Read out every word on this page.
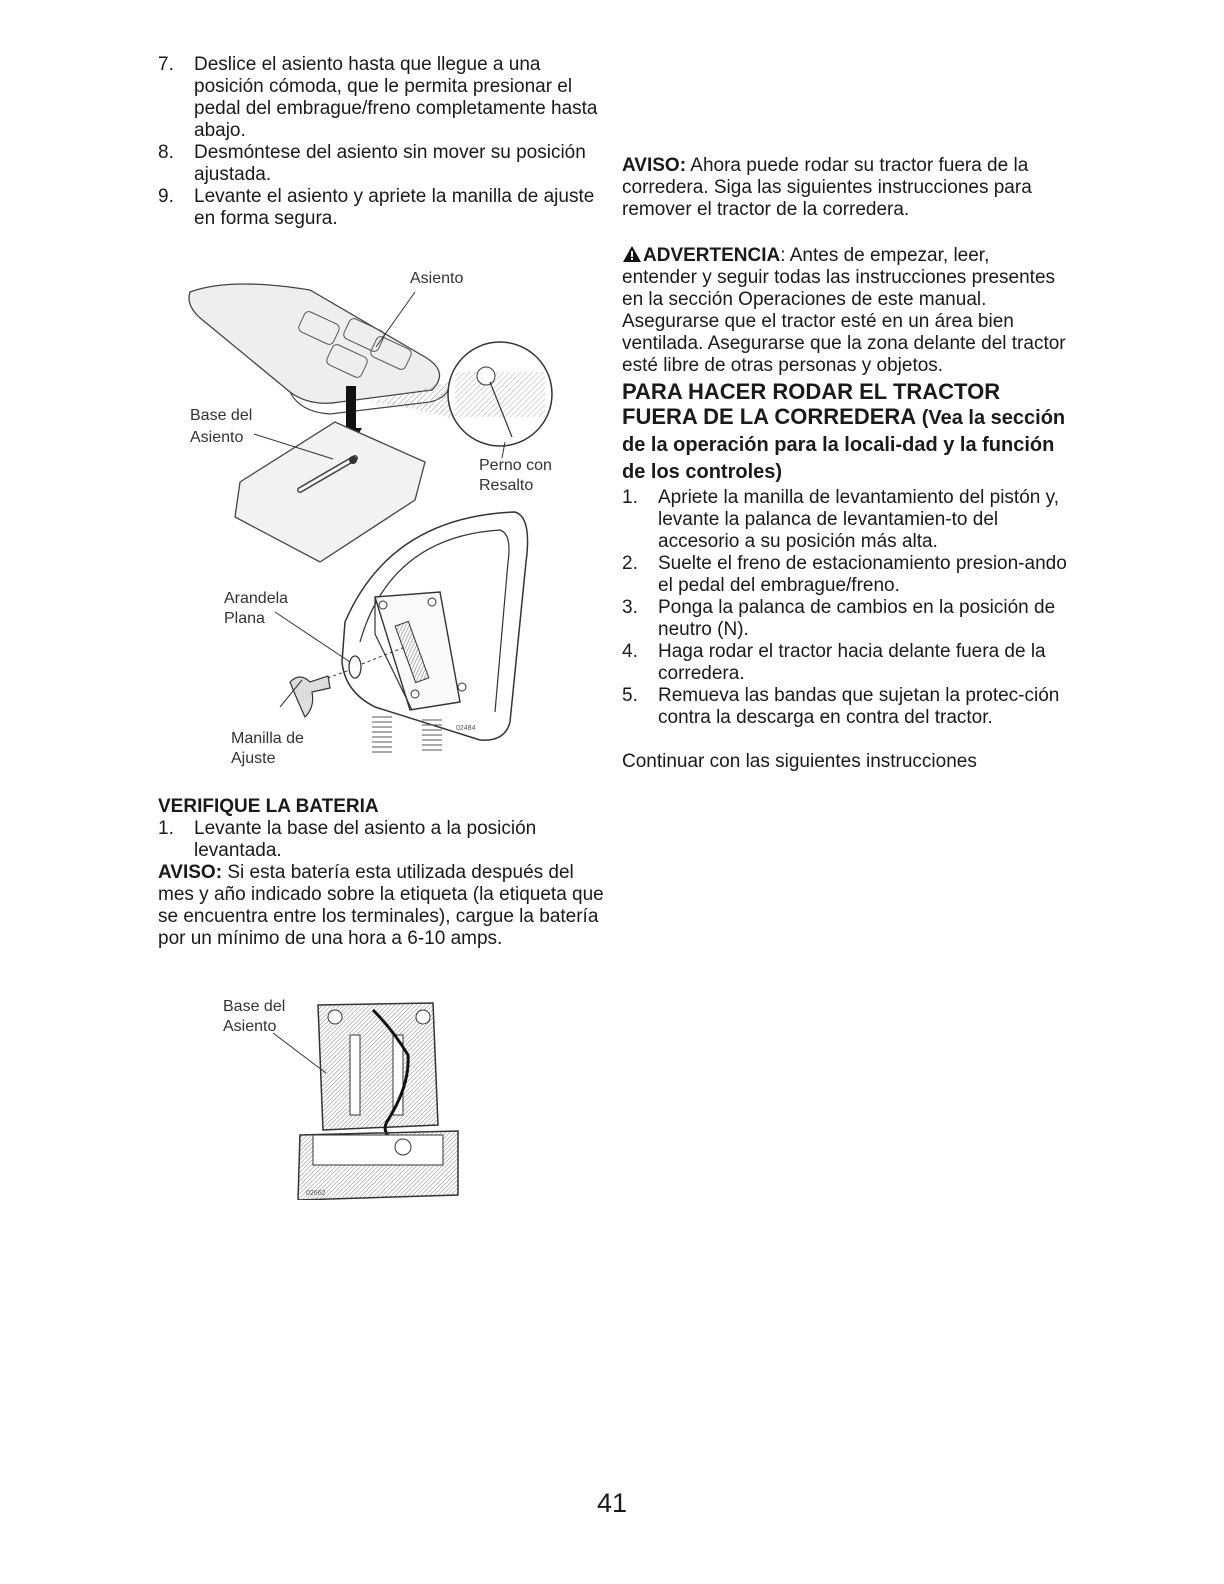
7. Deslice el asiento hasta que llegue a una posición cómoda, que le permita presionar el pedal del embrague/freno completamente hasta abajo.
8. Desmóntese del asiento sin mover su posición ajustada.
9. Levante el asiento y apriete la manilla de ajuste en forma segura.
Asiento
Base del
Asiento
Perno con
Resalto
Arandela
Plana
Manilla de
Ajuste
02484

VERIFIQUE LA BATERIA

1. Levante la base del asiento a la posición levantada.

AVISO: Si esta batería esta utilizada después del mes y año indicado sobre la etiqueta (la etiqueta que se encuentra entre los terminales), cargue la batería por un mínimo de una hora a 6-10 amps.

Base del
Asiento
02662

AVISO: Ahora puede rodar su tractor fuera de la corredera. Siga las siguientes instrucciones para remover el tractor de la corredera.

ADVERTENCIA: Antes de empezar, leer, entender y seguir todas las instrucciones presentes en la sección Operaciones de este manual. Asegurarse que el tractor esté en un área bien ventilada. Asegurarse que la zona delante del tractor esté libre de otras personas y objetos.

PARA HACER RODAR EL TRACTOR FUERA DE LA CORREDERA (Vea la sección de la operación para la locali-dad y la función de los controles)

1. Apriete la manilla de levantamiento del pistón y, levante la palanca de levantamien-to del accesorio a su posición más alta.
2. Suelte el freno de estacionamiento presion-ando el pedal del embrague/freno.
3. Ponga la palanca de cambios en la posición de neutro (N).
4. Haga rodar el tractor hacia delante fuera de la corredera.
5. Remueva las bandas que sujetan la protec-ción contra la descarga en contra del tractor.

Continuar con las siguientes instrucciones

41
